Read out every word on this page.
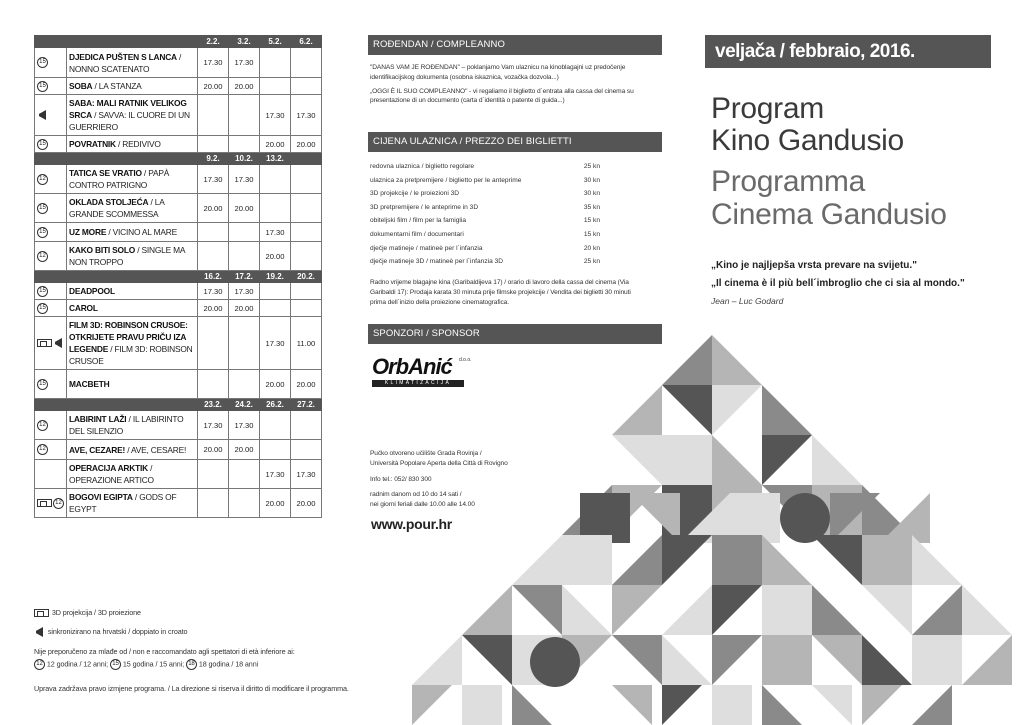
		2.2.	3.2.	5.2.	6.2.
15	DJEDICA PUŠTEN S LANCA / NONNO SCATENATO	17.30	17.30		
15	SOBA / LA STANZA	20.00	20.00		
	SABA: MALI RATNIK VELIKOG SRCA / SAVVA: IL CUORE DI UN GUERRIERO			17.30	17.30
15	POVRATNIK / REDIVIVO			20.00	20.00
		9.2.	10.2.	13.2.	
12	TATICA SE VRATIO / PAPÀ CONTRO PATRIGNO	17.30	17.30		
15	OKLADA STOLJEĆA / LA GRANDE SCOMMESSA	20.00	20.00		
15	UZ MORE / VICINO AL MARE			17.30	
12	KAKO BITI SOLO / SINGLE MA NON TROPPO			20.00	
		16.2.	17.2.	19.2.	20.2.
15	DEADPOOL	17.30	17.30		
15	CAROL	20.00	20.00		
	FILM 3D: ROBINSON CRUSOE: OTKRIJETE PRAVU PRIČU IZA LEGENDE / FILM 3D: ROBINSON CRUSOE			17.30	11.00
15	MACBETH			20.00	20.00
		23.2.	24.2.	26.2.	27.2.
12	LABIRINT LAŽI / IL LABIRINTO DEL SILENZIO	17.30	17.30		
12	AVE, CEZARE! / AVE, CESARE!	20.00	20.00		
	OPERACIJA ARKTIK / OPERAZIONE ARTICO			17.30	17.30
12	BOGOVI EGIPTA / GODS OF EGYPT			20.00	20.00
3D projekcija / 3D proiezione
sinkronizirano na hrvatski / doppiato in croato
Nije preporučeno za mlađe od / non e raccomandato agli spettatori di età inferiore ai:
12 12 godina / 12 anni; 15 15 godina / 15 anni; 18 18 godina / 18 anni
Uprava zadržava pravo izmjene programa. / La direzione si riserva il diritto di modificare il programma.
ROĐENDAN / COMPLEANNO
"DANAS VAM JE ROĐENDAN" – poklanjamo Vam ulaznicu na kinoblagajni uz predočenje
identifikacijskog dokumenta (osobna iskaznica, vozačka dozvola...)
„OGGI È IL SUO COMPLEANNO" - vi regaliamo il biglietto d´entrata alla cassa del cinema su
presentazione di un documento (carta d´identità o patente di guida...)
CIJENA ULAZNICA / PREZZO DEI BIGLIETTI
redovna ulaznica / biglietto regolare	25 kn
ulaznica za pretpremijere / biglietto per le anteprime	30 kn
3D projekcije / le proiezioni 3D	30 kn
3D pretpremijere / le anteprime in 3D	35 kn
obiteljski film / film per la famiglia	15 kn
dokumentarni film / documentari	15 kn
dječje matineje / matineè per l´infanzia	20 kn
dječje matineje 3D / matineè per l´infanzia 3D	25 kn
Radno vrijeme blagajne kina (Garibaldijeva 17) / orario di lavoro della cassa del cinema (Via
Garibaldi 17): Prodaja karata 30 minuta prije filmske projekcije / Vendita dei biglietti 30 minuti
prima dell´inizio della proiezione cinematografica.
SPONZORI / SPONSOR
OrbAnić	d.o.o.
KLIMATIZACIJA
Pučko otvoreno učilište Grada Rovinja /
Università Popolare Aperta della Città di Rovigno
Info tel.: 052/ 830 300
radnim danom od 10 do 14 sati /
nei giorni feriali dalle 10.00 alle 14.00
www.pour.hr
veljača / febbraio, 2016.
Program
Kino Gandusio
Programma
Cinema Gandusio
„Kino je najljepša vrsta prevare na svijetu."
„Il cinema è il più bell´imbroglio che ci sia al mondo."
Jean – Luc Godard
